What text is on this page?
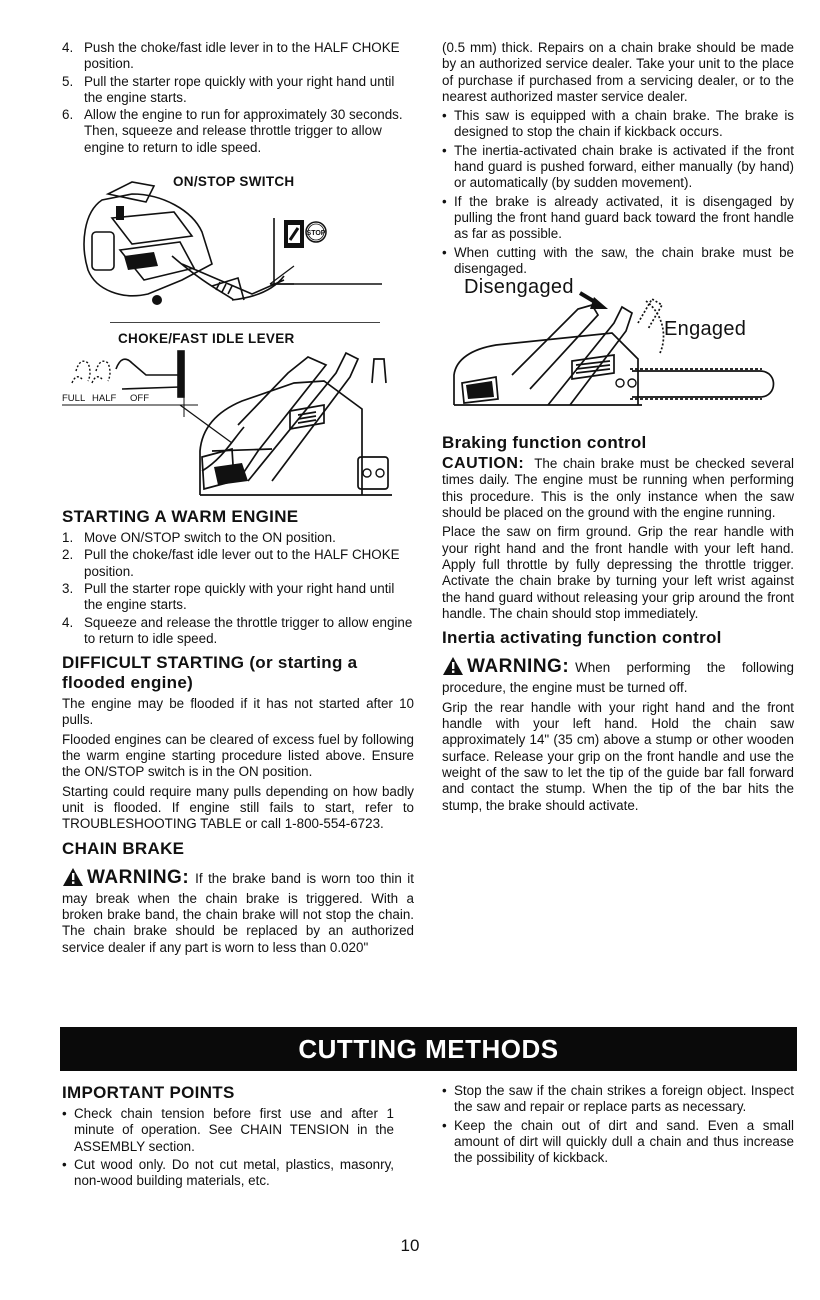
4. Push the choke/fast idle lever in to the HALF CHOKE position.
5. Pull the starter rope quickly with your right hand until the engine starts.
6. Allow the engine to run for approximately 30 seconds. Then, squeeze and release throttle trigger to allow engine to return to idle speed.
ON/STOP SWITCH
STOP
CHOKE/FAST IDLE LEVER
FULL HALF OFF
STARTING A WARM ENGINE
1. Move ON/STOP switch to the ON position.
2. Pull the choke/fast idle lever out to the HALF CHOKE position.
3. Pull the starter rope quickly with your right hand until the engine starts.
4. Squeeze and release the throttle trigger to allow engine to return to idle speed.
DIFFICULT STARTING (or starting a flooded engine)

The engine may be flooded if it has not started after 10 pulls.

Flooded engines can be cleared of excess fuel by following the warm engine starting procedure listed above. Ensure the ON/STOP switch is in the ON position.

Starting could require many pulls depending on how badly unit is flooded. If engine still fails to start, refer to TROUBLESHOOTING TABLE or call 1-800-554-6723.

CHAIN BRAKE

WARNING: If the brake band is worn too thin it may break when the chain brake is triggered. With a broken brake band, the chain brake will not stop the chain. The chain brake should be replaced by an authorized service dealer if any part is worn to less than 0.020"

(0.5 mm) thick. Repairs on a chain brake should be made by an authorized service dealer. Take your unit to the place of purchase if purchased from a servicing dealer, or to the nearest authorized master service dealer.

• This saw is equipped with a chain brake. The brake is designed to stop the chain if kickback occurs.
• The inertia-activated chain brake is activated if the front hand guard is pushed forward, either manually (by hand) or automatically (by sudden movement).
• If the brake is already activated, it is disengaged by pulling the front hand guard back toward the front handle as far as possible.
• When cutting with the saw, the chain brake must be disengaged.
Disengaged
Engaged
Braking function control

CAUTION: The chain brake must be checked several times daily. The engine must be running when performing this procedure. This is the only instance when the saw should be placed on the ground with the engine running.

Place the saw on firm ground. Grip the rear handle with your right hand and the front handle with your left hand. Apply full throttle by fully depressing the throttle trigger. Activate the chain brake by turning your left wrist against the hand guard without releasing your grip around the front handle. The chain should stop immediately.

Inertia activating function control

WARNING: When performing the following procedure, the engine must be turned off.

Grip the rear handle with your right hand and the front handle with your left hand. Hold the chain saw approximately 14" (35 cm) above a stump or other wooden surface. Release your grip on the front handle and use the weight of the saw to let the tip of the guide bar fall forward and contact the stump. When the tip of the bar hits the stump, the brake should activate.

CUTTING METHODS
IMPORTANT POINTS
• Check chain tension before first use and after 1 minute of operation. See CHAIN TENSION in the ASSEMBLY section.
• Cut wood only. Do not cut metal, plastics, masonry, non-wood building materials, etc.
• Stop the saw if the chain strikes a foreign object. Inspect the saw and repair or replace parts as necessary.
• Keep the chain out of dirt and sand. Even a small amount of dirt will quickly dull a chain and thus increase the possibility of kickback.
10
